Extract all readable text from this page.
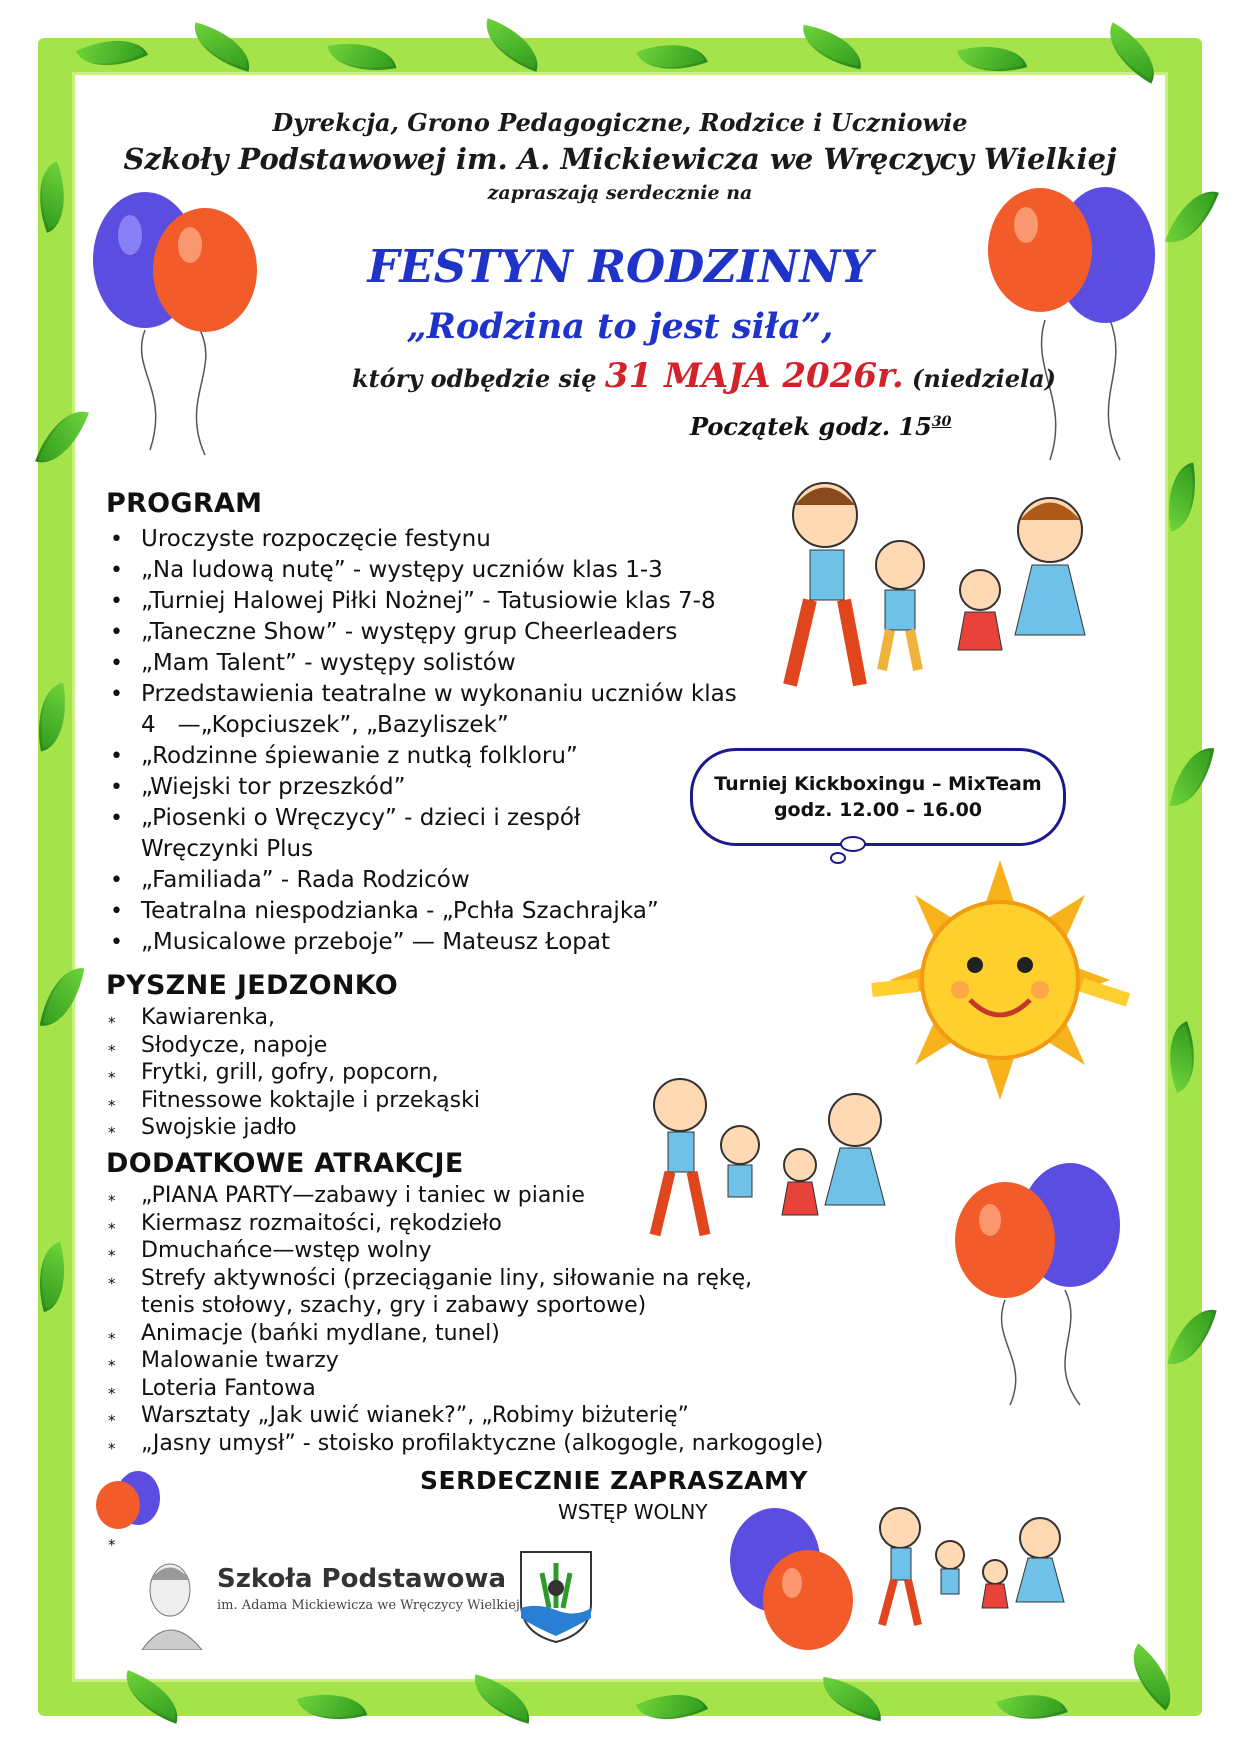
Dyrekcja, Grono Pedagogiczne, Rodzice i Uczniowie
Szkoły Podstawowej im. A. Mickiewicza we Wręczycy Wielkiej
zapraszają serdecznie na
FESTYN RODZINNY
„Rodzina to jest siła”,
który odbędzie się 31 MAJA 2026r. (niedziela)
Początek godz. $15^{30}$
PROGRAM
• Uroczyste rozpoczęcie festynu
• „Na ludową nutę” - występy uczniów klas 1-3
• „Turniej Halowej Piłki Nożnej” - Tatusiowie klas 7-8
• „Taneczne Show” - występy grup Cheerleaders
• „Mam Talent” - występy solistów
• Przedstawienia teatralne w wykonaniu uczniów klas 4   —„Kopciuszek”, „Bazyliszek”
• „Rodzinne śpiewanie z nutką folkloru”
• „Wiejski tor przeszkód”
• „Piosenki o Wręczycy” - dzieci i zespół Wręczynki Plus
• „Familiada” - Rada Rodziców
• Teatralna niespodzianka - „Pchła Szachrajka”
• „Musicalowe przeboje” — Mateusz Łopat
Turniej Kickboxingu – MixTeam
godz. 12.00 – 16.00
PYSZNE JEDZONKO
⁎ Kawiarenka,
⁎ Słodycze, napoje
⁎ Frytki, grill, gofry, popcorn,
⁎ Fitnessowe koktajle i przekąski
⁎ Swojskie jadło
DODATKOWE ATRAKCJE
⁎ „PIANA PARTY—zabawy i taniec w pianie
⁎ Kiermasz rozmaitości, rękodzieło
⁎ Dmuchańce—wstęp wolny
⁎ Strefy aktywności (przeciąganie liny, siłowanie na rękę, tenis stołowy, szachy, gry i zabawy sportowe)
⁎ Animacje (bańki mydlane, tunel)
⁎ Malowanie twarzy
⁎ Loteria Fantowa
⁎ Warsztaty „Jak uwić wianek?”, „Robimy biżuterię”
⁎ „Jasny umysł” - stoisko profilaktyczne (alkogogle, narkogogle)
SERDECZNIE ZAPRASZAMY
WSTĘP WOLNY
*
Szkoła Podstawowa
im. Adama Mickiewicza we Wręczycy Wielkiej
